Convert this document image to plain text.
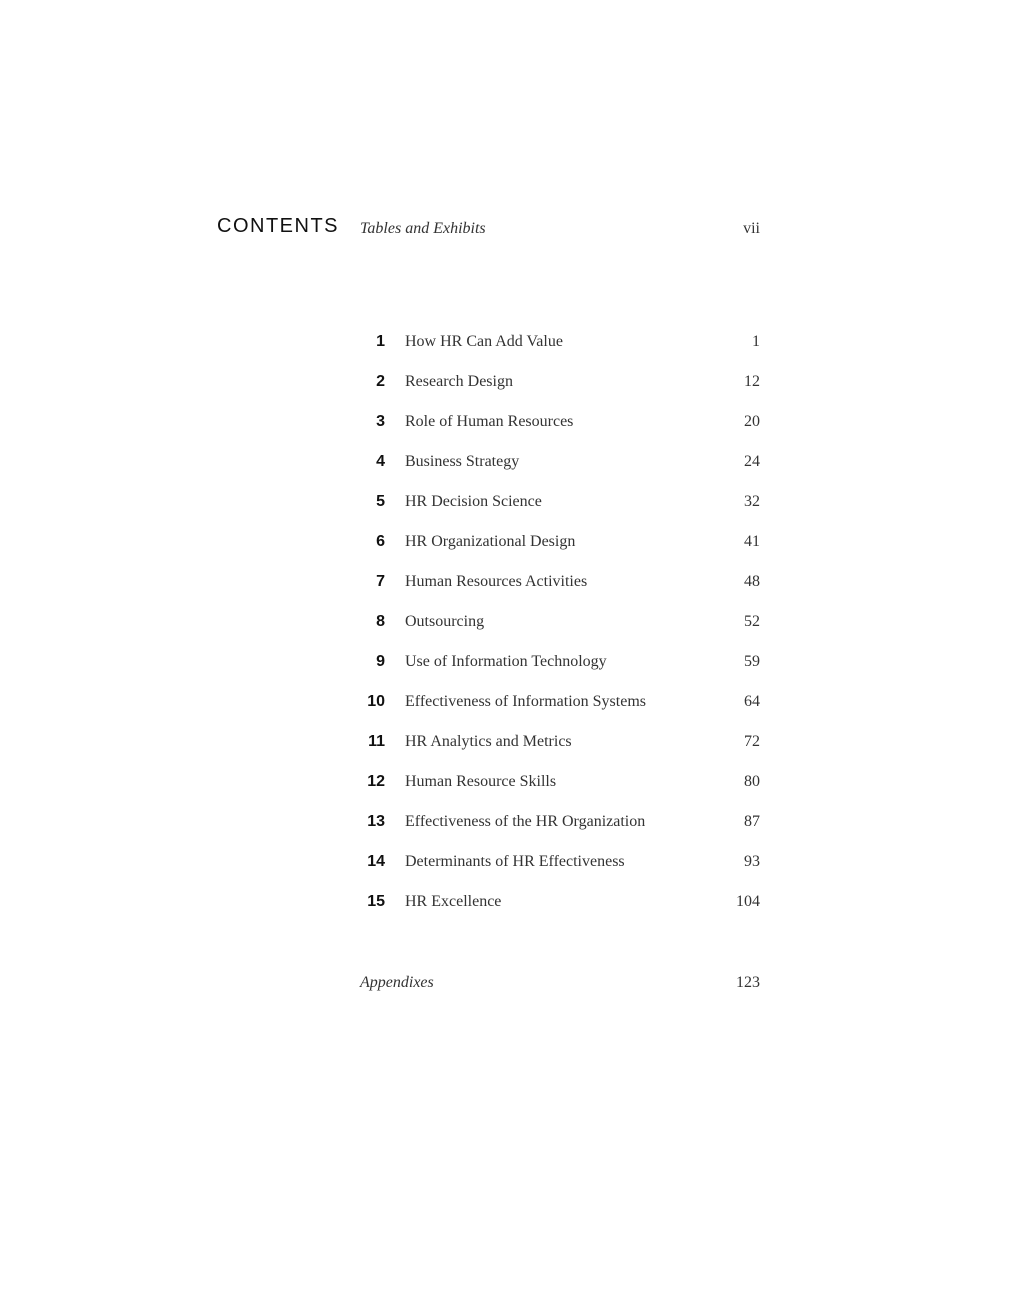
CONTENTS Tables and Exhibits	vii
1 How HR Can Add Value	1
2 Research Design	12
3 Role of Human Resources	20
4 Business Strategy	24
5 HR Decision Science	32
6 HR Organizational Design	41
7 Human Resources Activities	48
8 Outsourcing	52
9 Use of Information Technology	59
10 Effectiveness of Information Systems	64
11 HR Analytics and Metrics	72
12 Human Resource Skills	80
13 Effectiveness of the HR Organization	87
14 Determinants of HR Effectiveness	93
15 HR Excellence	104
Appendixes	123
